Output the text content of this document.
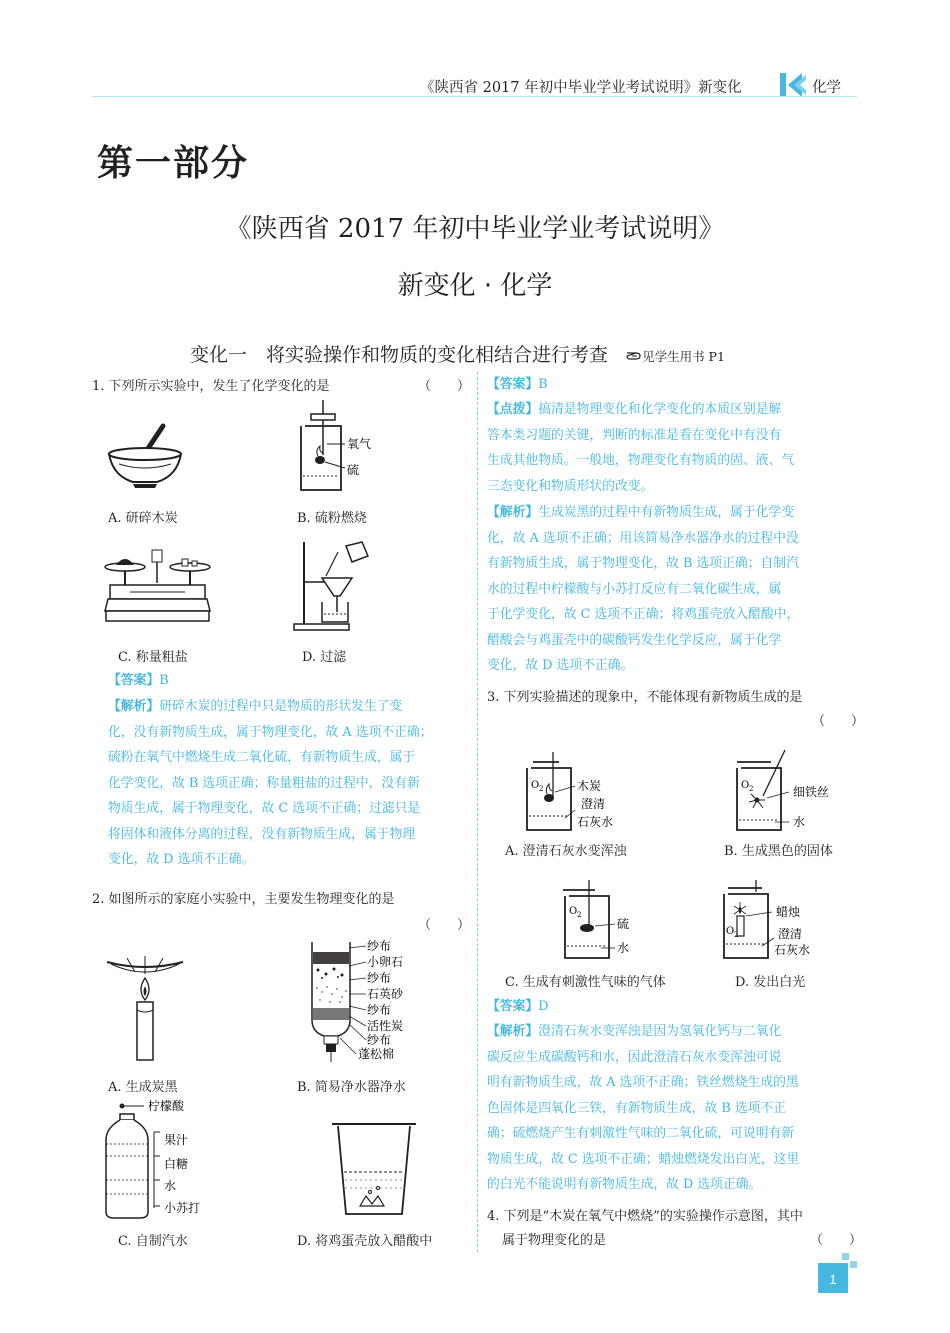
《陕西省 2017 年初中毕业学业考试说明》新变化	化学
第一部分
《陕西省 2017 年初中毕业学业考试说明》
新变化 · 化学
变化一　将实验操作和物质的变化相结合进行考查	见学生用书 P1
1. 下列所示实验中，发生了化学变化的是	（　　）
A. 研碎木炭
氧气
硫
B. 硫粉燃烧
C. 称量粗盐	D. 过滤
【答案】B
【解析】研碎木炭的过程中只是物质的形状发生了变
化，没有新物质生成，属于物理变化，故 A 选项不正确；
硫粉在氧气中燃烧生成二氧化硫，有新物质生成，属于
化学变化，故 B 选项正确；称量粗盐的过程中，没有新
物质生成，属于物理变化，故 C 选项不正确；过滤只是
将固体和液体分离的过程，没有新物质生成，属于物理
变化，故 D 选项不正确。
2. 如图所示的家庭小实验中，主要发生物理变化的是
（　　）
A. 生成炭黑
纱布
小卵石
纱布
石英砂
纱布
活性炭
纱布
蓬松棉
B. 简易净水器净水
柠檬酸
果汁
白糖
水
小苏打
C. 自制汽水	D. 将鸡蛋壳放入醋酸中
【答案】B
【点拨】搞清是物理变化和化学变化的本质区别是解
答本类习题的关键，判断的标准是看在变化中有没有
生成其他物质。一般地，物理变化有物质的固、液、气
三态变化和物质形状的改变。
【解析】生成炭黑的过程中有新物质生成，属于化学变
化，故 A 选项不正确；用该简易净水器净水的过程中没
有新物质生成，属于物理变化，故 B 选项正确；自制汽
水的过程中柠檬酸与小苏打反应有二氧化碳生成，属
于化学变化，故 C 选项不正确；将鸡蛋壳放入醋酸中，
醋酸会与鸡蛋壳中的碳酸钙发生化学反应，属于化学
变化，故 D 选项不正确。
3. 下列实验描述的现象中，不能体现有新物质生成的是
（　　）
O 2	木炭
澄清
石灰水
A. 澄清石灰水变浑浊
O 2	细铁丝
水
B. 生成黑色的固体
O 2
硫
水
C. 生成有刺激性气味的气体
O 2
蜡烛
澄清
石灰水
D. 发出白光
【答案】D
【解析】澄清石灰水变浑浊是因为氢氧化钙与二氧化
碳反应生成碳酸钙和水，因此澄清石灰水变浑浊可说
明有新物质生成，故 A 选项不正确；铁丝燃烧生成的黑
色固体是四氧化三铁，有新物质生成，故 B 选项不正
确；硫燃烧产生有刺激性气味的二氧化硫，可说明有新
物质生成，故 C 选项不正确；蜡烛燃烧发出白光，这里
的白光不能说明有新物质生成，故 D 选项正确。
4. 下列是“木炭在氧气中燃烧”的实验操作示意图，其中
属于物理变化的是	（　　）
1
